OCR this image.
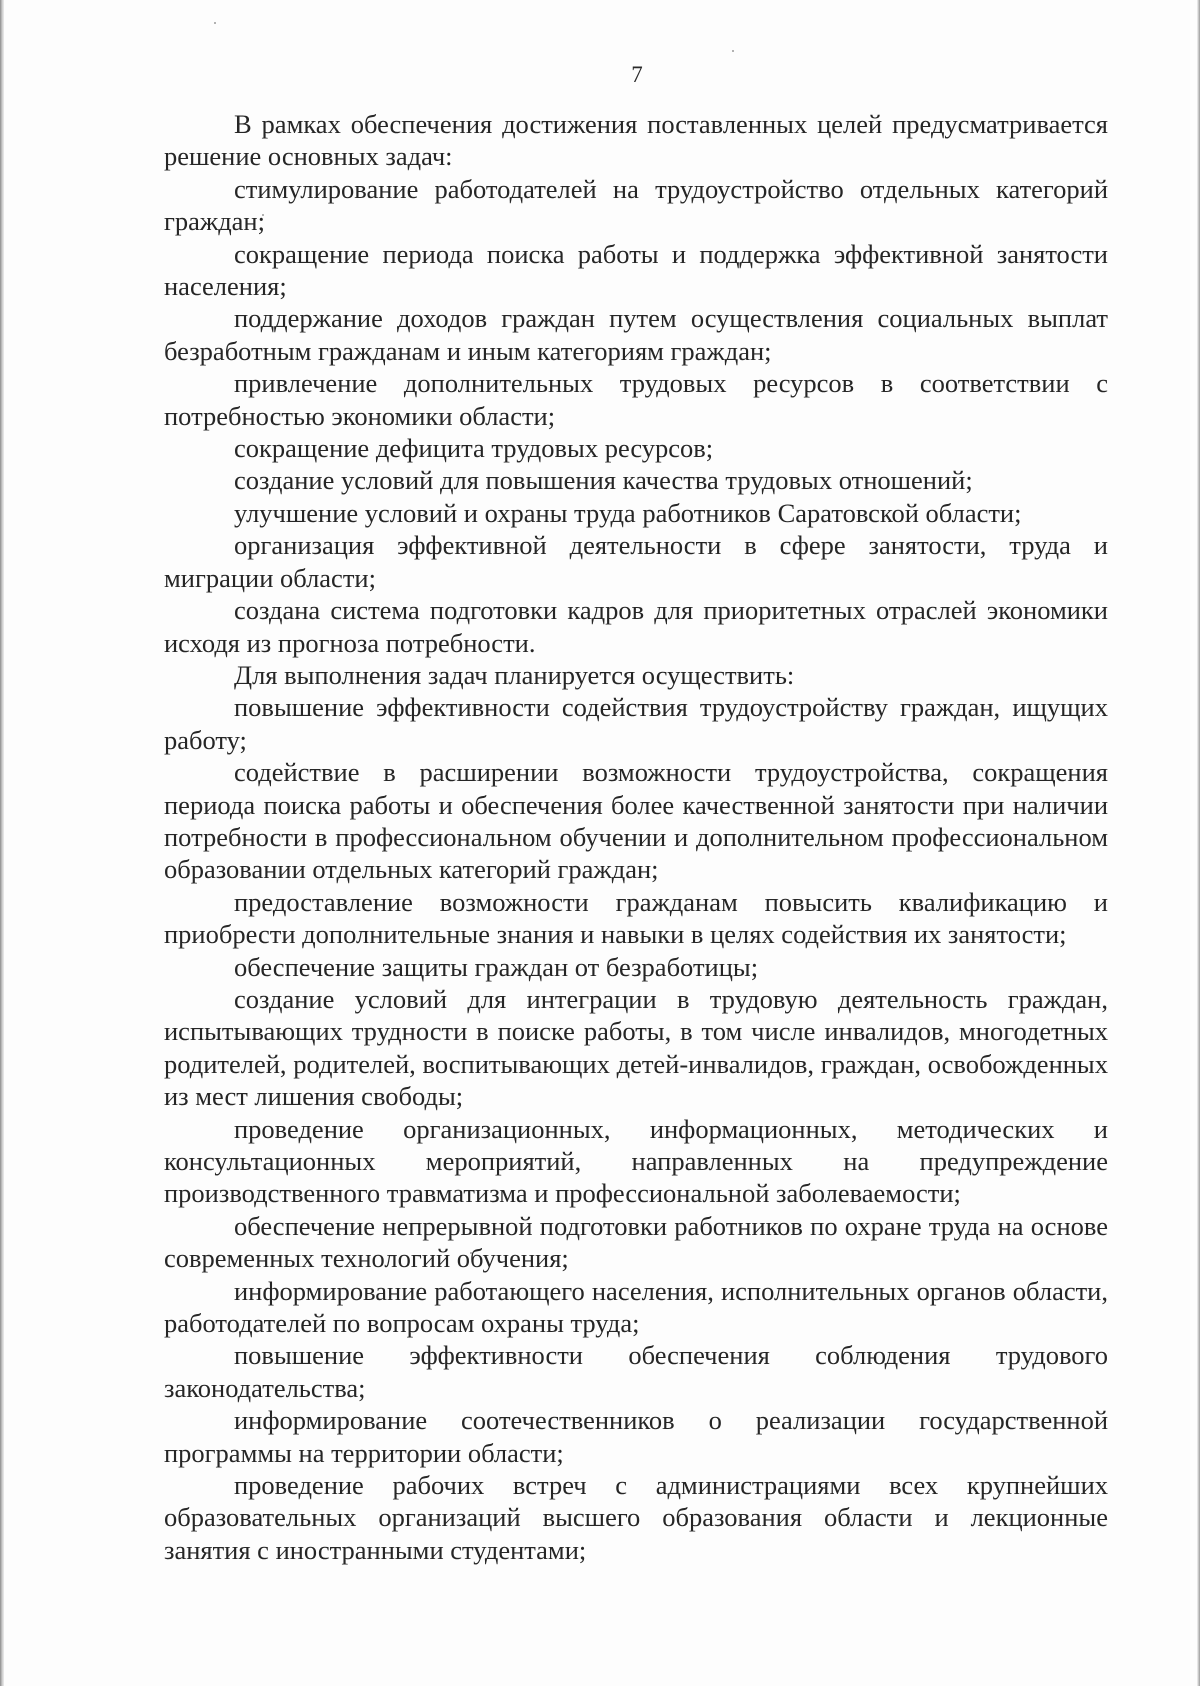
7

В рамках обеспечения достижения поставленных целей предусматривается решение основных задач:

стимулирование работодателей на трудоустройство отдельных категорий граждан;

сокращение периода поиска работы и поддержка эффективной занятости населения;

поддержание доходов граждан путем осуществления социальных выплат безработным гражданам и иным категориям граждан;

привлечение дополнительных трудовых ресурсов в соответствии с потребностью экономики области;

сокращение дефицита трудовых ресурсов;

создание условий для повышения качества трудовых отношений;

улучшение условий и охраны труда работников Саратовской области;

организация эффективной деятельности в сфере занятости, труда и миграции области;

создана система подготовки кадров для приоритетных отраслей экономики исходя из прогноза потребности.

Для выполнения задач планируется осуществить:

повышение эффективности содействия трудоустройству граждан, ищущих работу;

содействие в расширении возможности трудоустройства, сокращения периода поиска работы и обеспечения более качественной занятости при наличии потребности в профессиональном обучении и дополнительном профессиональном образовании отдельных категорий граждан;

предоставление возможности гражданам повысить квалификацию и приобрести дополнительные знания и навыки в целях содействия их занятости;

обеспечение защиты граждан от безработицы;

создание условий для интеграции в трудовую деятельность граждан, испытывающих трудности в поиске работы, в том числе инвалидов, многодетных родителей, родителей, воспитывающих детей-инвалидов, граждан, освобожденных из мест лишения свободы;

проведение организационных, информационных, методических и консультационных мероприятий, направленных на предупреждение производственного травматизма и профессиональной заболеваемости;

обеспечение непрерывной подготовки работников по охране труда на основе современных технологий обучения;

информирование работающего населения, исполнительных органов области, работодателей по вопросам охраны труда;

повышение эффективности обеспечения соблюдения трудового законодательства;

информирование соотечественников о реализации государственной программы на территории области;

проведение рабочих встреч с администрациями всех крупнейших образовательных организаций высшего образования области и лекционные занятия с иностранными студентами;
